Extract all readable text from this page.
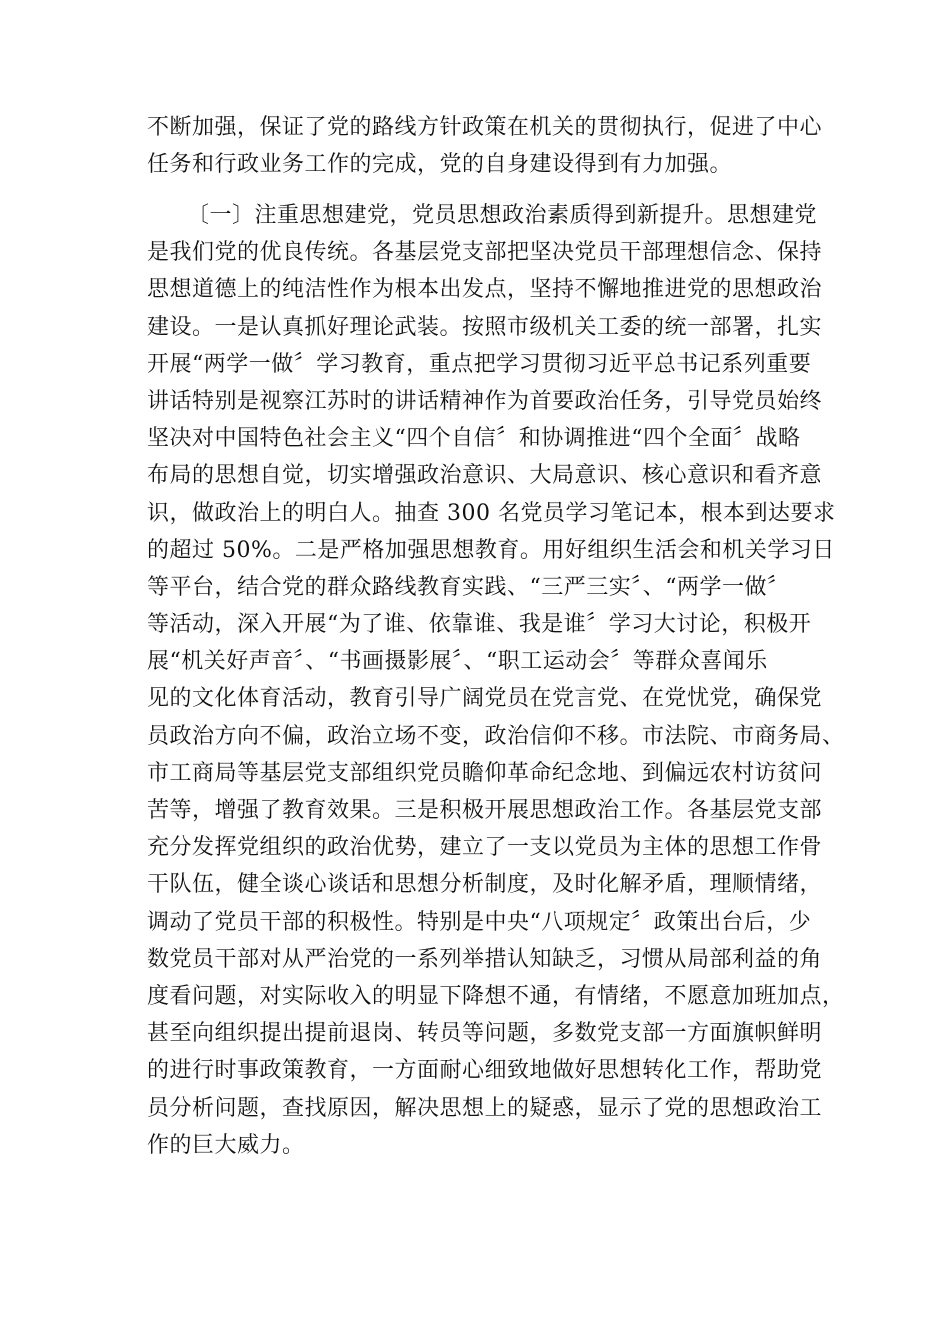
不断加强，保证了党的路线方针政策在机关的贯彻执行，促进了中心
任务和行政业务工作的完成，党的自身建设得到有力加强。
〔一〕注重思想建党，党员思想政治素质得到新提升。思想建党
是我们党的优良传统。各基层党支部把坚决党员干部理想信念、保持
思想道德上的纯洁性作为根本出发点，坚持不懈地推进党的思想政治
建设。一是认真抓好理论武装。按照市级机关工委的统一部署，扎实
开展“两学一做〞学习教育，重点把学习贯彻习近平总书记系列重要
讲话特别是视察江苏时的讲话精神作为首要政治任务，引导党员始终
坚决对中国特色社会主义“四个自信〞和协调推进“四个全面〞战略
布局的思想自觉，切实增强政治意识、大局意识、核心意识和看齐意
识，做政治上的明白人。抽查 300 名党员学习笔记本，根本到达要求
的超过 50%。二是严格加强思想教育。用好组织生活会和机关学习日
等平台，结合党的群众路线教育实践、“三严三实〞、“两学一做〞
等活动，深入开展“为了谁、依靠谁、我是谁〞学习大讨论，积极开
展“机关好声音〞、“书画摄影展〞、“职工运动会〞等群众喜闻乐
见的文化体育活动，教育引导广阔党员在党言党、在党忧党，确保党
员政治方向不偏，政治立场不变，政治信仰不移。市法院、市商务局、
市工商局等基层党支部组织党员瞻仰革命纪念地、到偏远农村访贫问
苦等，增强了教育效果。三是积极开展思想政治工作。各基层党支部
充分发挥党组织的政治优势，建立了一支以党员为主体的思想工作骨
干队伍，健全谈心谈话和思想分析制度，及时化解矛盾，理顺情绪，
调动了党员干部的积极性。特别是中央“八项规定〞政策出台后，少
数党员干部对从严治党的一系列举措认知缺乏，习惯从局部利益的角
度看问题，对实际收入的明显下降想不通，有情绪，不愿意加班加点，
甚至向组织提出提前退岗、转员等问题，多数党支部一方面旗帜鲜明
的进行时事政策教育，一方面耐心细致地做好思想转化工作，帮助党
员分析问题，查找原因，解决思想上的疑惑，显示了党的思想政治工
作的巨大威力。
